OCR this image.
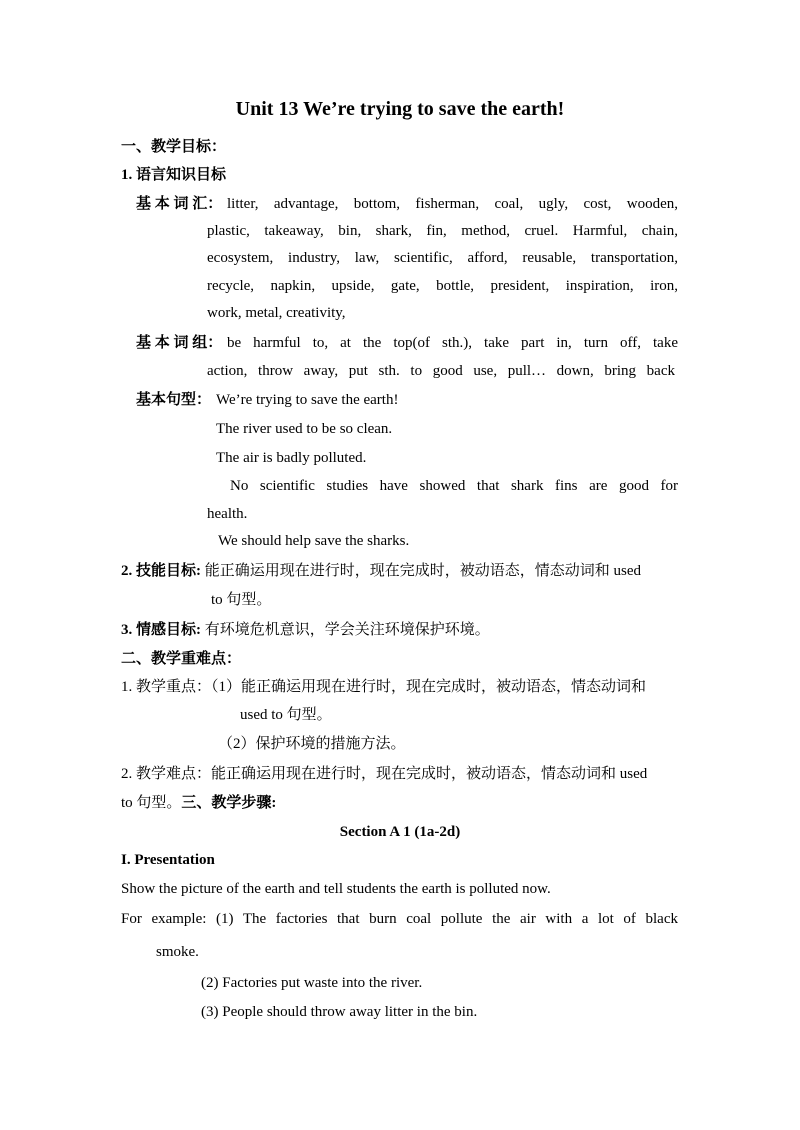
Unit 13 We’re trying to save the earth!
一、教学目标：
1. 语言知识目标
基 本 词 汇： litter, advantage, bottom, fisherman, coal, ugly, cost, wooden,
plastic, takeaway, bin, shark, fin, method, cruel. Harmful, chain,
ecosystem, industry, law, scientific, afford, reusable, transportation,
recycle, napkin, upside, gate, bottle, president, inspiration, iron,
work, metal, creativity,
基 本 词 组： be harmful to, at the top(of sth.), take part in, turn off, take
action, throw away, put sth. to good use, pull… down, bring back
基本句型： We’re trying to save the earth!
The river used to be so clean.
The air is badly polluted.
No scientific studies have showed that shark fins are good for
health.
We should help save the sharks.
2. 技能目标: 能正确运用现在进行时，现在完成时，被动语态，情态动词和 used
to 句型。
3. 情感目标: 有环境危机意识，学会关注环境保护环境。
二、教学重难点：
1. 教学重点：（1）能正确运用现在进行时，现在完成时，被动语态，情态动词和
used to 句型。
（2）保护环境的措施方法。
2. 教学难点：能正确运用现在进行时，现在完成时，被动语态，情态动词和 used
to 句型。三、教学步骤:
Section A 1 (1a-2d)
I. Presentation
Show the picture of the earth and tell students the earth is polluted now.
For example: (1) The factories that burn coal pollute the air with a lot of black
smoke.
(2) Factories put waste into the river.
(3) People should throw away litter in the bin.
